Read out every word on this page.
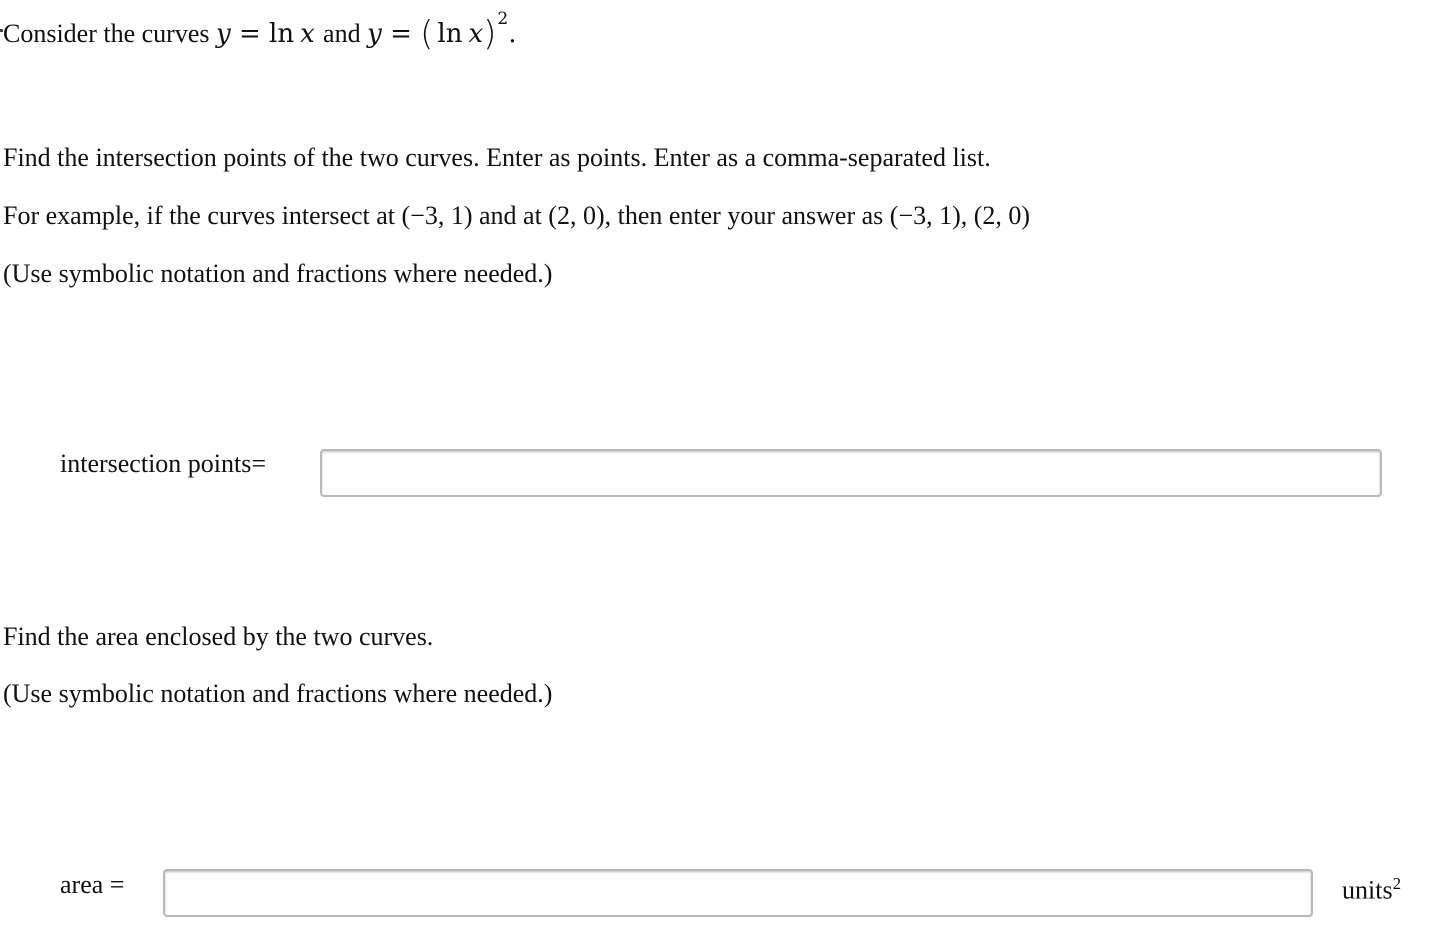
Consider the curves y = ln x and y = ( ln x)$^2$.
Find the intersection points of the two curves. Enter as points. Enter as a comma-separated list.
For example, if the curves intersect at (−3, 1) and at (2, 0), then enter your answer as (−3, 1), (2, 0)
(Use symbolic notation and fractions where needed.)
intersection points=
Find the area enclosed by the two curves.
(Use symbolic notation and fractions where needed.)
area =	units$^2$
